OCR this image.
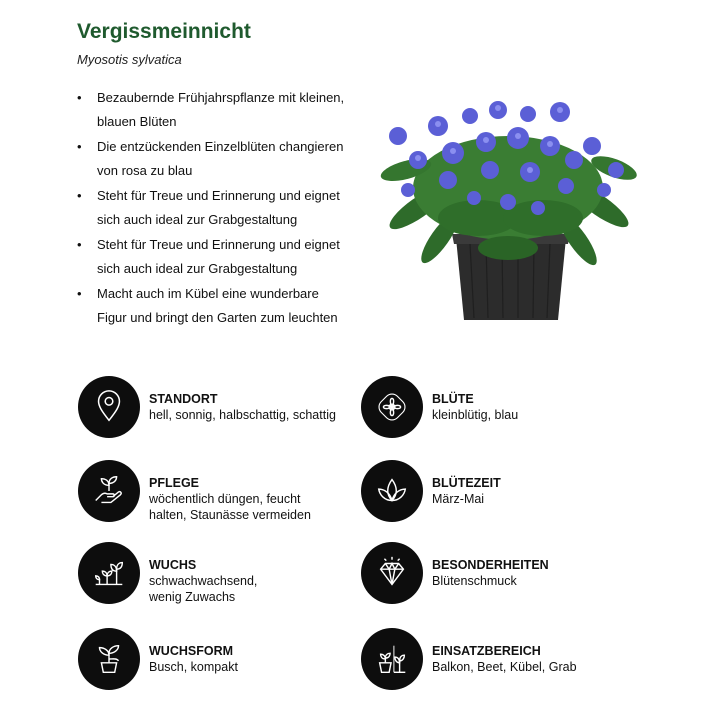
Vergissmeinnicht
Myosotis sylvatica
• Bezaubernde Frühjahrspflanze mit kleinen,
blauen Blüten
• Die entzückenden Einzelblüten changieren
von rosa zu blau
• Steht für Treue und Erinnerung und eignet
sich auch ideal zur Grabgestaltung
• Steht für Treue und Erinnerung und eignet
sich auch ideal zur Grabgestaltung
• Macht auch im Kübel eine wunderbare
Figur und bringt den Garten zum leuchten
STANDORT
hell, sonnig, halbschattig, schattig
PFLEGE
wöchentlich düngen, feucht
halten, Staunässe vermeiden
WUCHS
schwachwachsend,
wenig Zuwachs
WUCHSFORM
Busch, kompakt
BLÜTE
kleinblütig, blau
BLÜTEZEIT
März-Mai
BESONDERHEITEN
Blütenschmuck
EINSATZBEREICH
Balkon, Beet, Kübel, Grab
